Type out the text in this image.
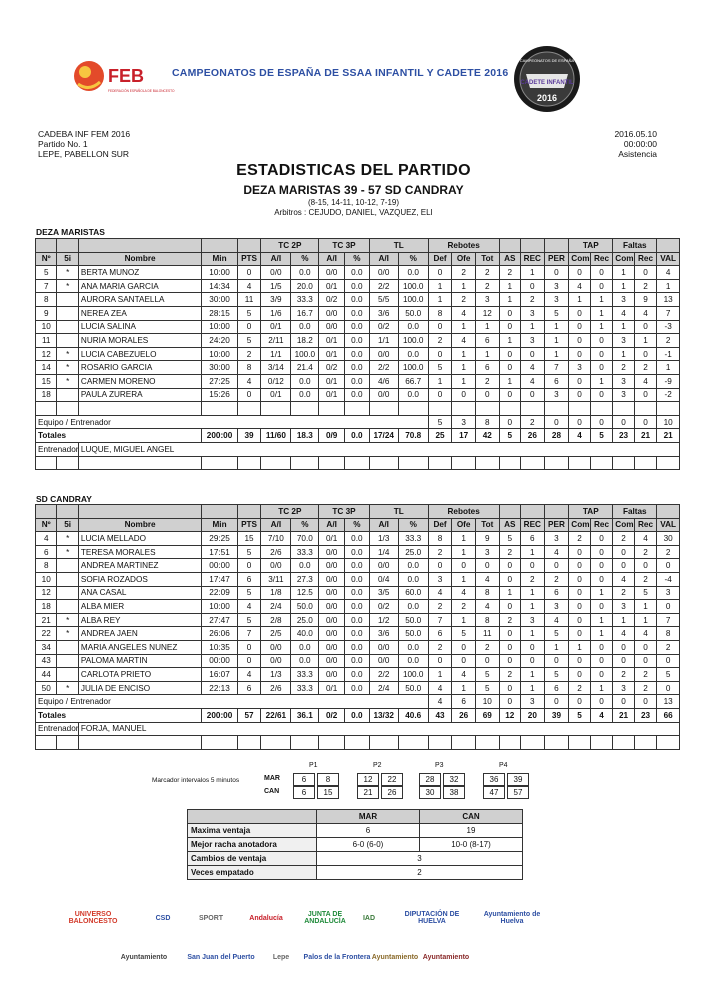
FEB
FEDERACIÓN ESPAÑOLA DE BALONCESTO
CAMPEONATOS DE ESPAÑA DE SSAA INFANTIL Y CADETE 2016
CAMPEONATOS DE ESPAÑA
CADETE INFANTIL
2016
CADEBA INF FEM 2016
Partido No. 1
LEPE, PABELLON SUR
2016.05.10
00:00:00
Asistencia
ESTADISTICAS DEL PARTIDO
DEZA MARISTAS 39 - 57 SD CANDRAY
(8-15, 14-11, 10-12, 7-19)
Arbitros : CEJUDO, DANIEL, VAZQUEZ, ELI
DEZA MARISTAS
					TC 2P		TC 3P		TL		Rebotes						TAP		Faltas		
Nº	5i	Nombre	Min	PTS	A/I	%	A/I	%	A/I	%	Def	Ofe	Tot	AS	REC	PER	Com	Rec	Com	Rec	VAL
5	*	BERTA MUNOZ	10:00	0	0/0	0.0	0/0	0.0	0/0	0.0	0	2	2	2	1	0	0	0	1	0	4
7	*	ANA MARIA GARCIA	14:34	4	1/5	20.0	0/1	0.0	2/2	100.0	1	1	2	1	0	3	4	0	1	2	1
8		AURORA SANTAELLA	30:00	11	3/9	33.3	0/2	0.0	5/5	100.0	1	2	3	1	2	3	1	1	3	9	13
9		NEREA ZEA	28:15	5	1/6	16.7	0/0	0.0	3/6	50.0	8	4	12	0	3	5	0	1	4	4	7
10		LUCIA SALINA	10:00	0	0/1	0.0	0/0	0.0	0/2	0.0	0	1	1	0	1	1	0	1	1	0	-3
11		NURIA MORALES	24:20	5	2/11	18.2	0/1	0.0	1/1	100.0	2	4	6	1	3	1	0	0	3	1	2
12	*	LUCIA CABEZUELO	10:00	2	1/1	100.0	0/1	0.0	0/0	0.0	0	1	1	0	0	1	0	0	1	0	-1
14	*	ROSARIO GARCIA	30:00	8	3/14	21.4	0/2	0.0	2/2	100.0	5	1	6	0	4	7	3	0	2	2	1
15	*	CARMEN MORENO	27:25	4	0/12	0.0	0/1	0.0	4/6	66.7	1	1	2	1	4	6	0	1	3	4	-9
18		PAULA ZURERA	15:26	0	0/1	0.0	0/1	0.0	0/0	0.0	0	0	0	0	0	3	0	0	3	0	-2

Equipo / Entrenador											5	3	8	0	2	0	0	0	0	0	10
Totales			200:00	39	11/60	18.3	0/9	0.0	17/24	70.8	25	17	42	5	26	28	4	5	23	21	21
Entrenador		LUQUE, MIGUEL ANGEL																			

SD CANDRAY
					TC 2P		TC 3P		TL		Rebotes						TAP		Faltas		
Nº	5i	Nombre	Min	PTS	A/I	%	A/I	%	A/I	%	Def	Ofe	Tot	AS	REC	PER	Com	Rec	Com	Rec	VAL
4	*	LUCIA MELLADO	29:25	15	7/10	70.0	0/1	0.0	1/3	33.3	8	1	9	5	6	3	2	0	2	4	30
6	*	TERESA MORALES	17:51	5	2/6	33.3	0/0	0.0	1/4	25.0	2	1	3	2	1	4	0	0	0	2	2
8		ANDREA MARTINEZ	00:00	0	0/0	0.0	0/0	0.0	0/0	0.0	0	0	0	0	0	0	0	0	0	0	0
10		SOFIA ROZADOS	17:47	6	3/11	27.3	0/0	0.0	0/4	0.0	3	1	4	0	2	2	0	0	4	2	-4
12		ANA CASAL	22:09	5	1/8	12.5	0/0	0.0	3/5	60.0	4	4	8	1	1	6	0	1	2	5	3
18		ALBA MIER	10:00	4	2/4	50.0	0/0	0.0	0/2	0.0	2	2	4	0	1	3	0	0	3	1	0
21	*	ALBA REY	27:47	5	2/8	25.0	0/0	0.0	1/2	50.0	7	1	8	2	3	4	0	1	1	1	7
22	*	ANDREA JAEN	26:06	7	2/5	40.0	0/0	0.0	3/6	50.0	6	5	11	0	1	5	0	1	4	4	8
34		MARIA ANGELES NUNEZ	10:35	0	0/0	0.0	0/0	0.0	0/0	0.0	2	0	2	0	0	1	1	0	0	0	2
43		PALOMA MARTIN	00:00	0	0/0	0.0	0/0	0.0	0/0	0.0	0	0	0	0	0	0	0	0	0	0	0
44		CARLOTA PRIETO	16:07	4	1/3	33.3	0/0	0.0	2/2	100.0	1	4	5	2	1	5	0	0	2	2	5
50	*	JULIA DE ENCISO	22:13	6	2/6	33.3	0/1	0.0	2/4	50.0	4	1	5	0	1	6	2	1	3	2	0
Equipo / Entrenador											4	6	10	0	3	0	0	0	0	0	13
Totales			200:00	57	22/61	36.1	0/2	0.0	13/32	40.6	43	26	69	12	20	39	5	4	21	23	66
Entrenador		FORJA, MANUEL																			

Marcador intervalos 5 minutos
P1	P2	P3	P4
MAR	6	8	12	22	28	32	36	39
CAN	6	15	21	26	30	38	47	57
	MAR	CAN
Maxima ventaja	6	19
Mejor racha anotadora	6-0 (6-0)	10-0 (8-17)
Cambios de ventaja	3	
Veces empatado	2	
UNIVERSO BALONCESTO	CSD	SPORT	Andalucía	JUNTA DE ANDALUCÍA	IAD	DIPUTACIÓN DE HUELVA
Ayuntamiento de Huelva
Ayuntamiento	San Juan del Puerto	Lepe	Palos de la Frontera Ayuntamiento Ayuntamiento
